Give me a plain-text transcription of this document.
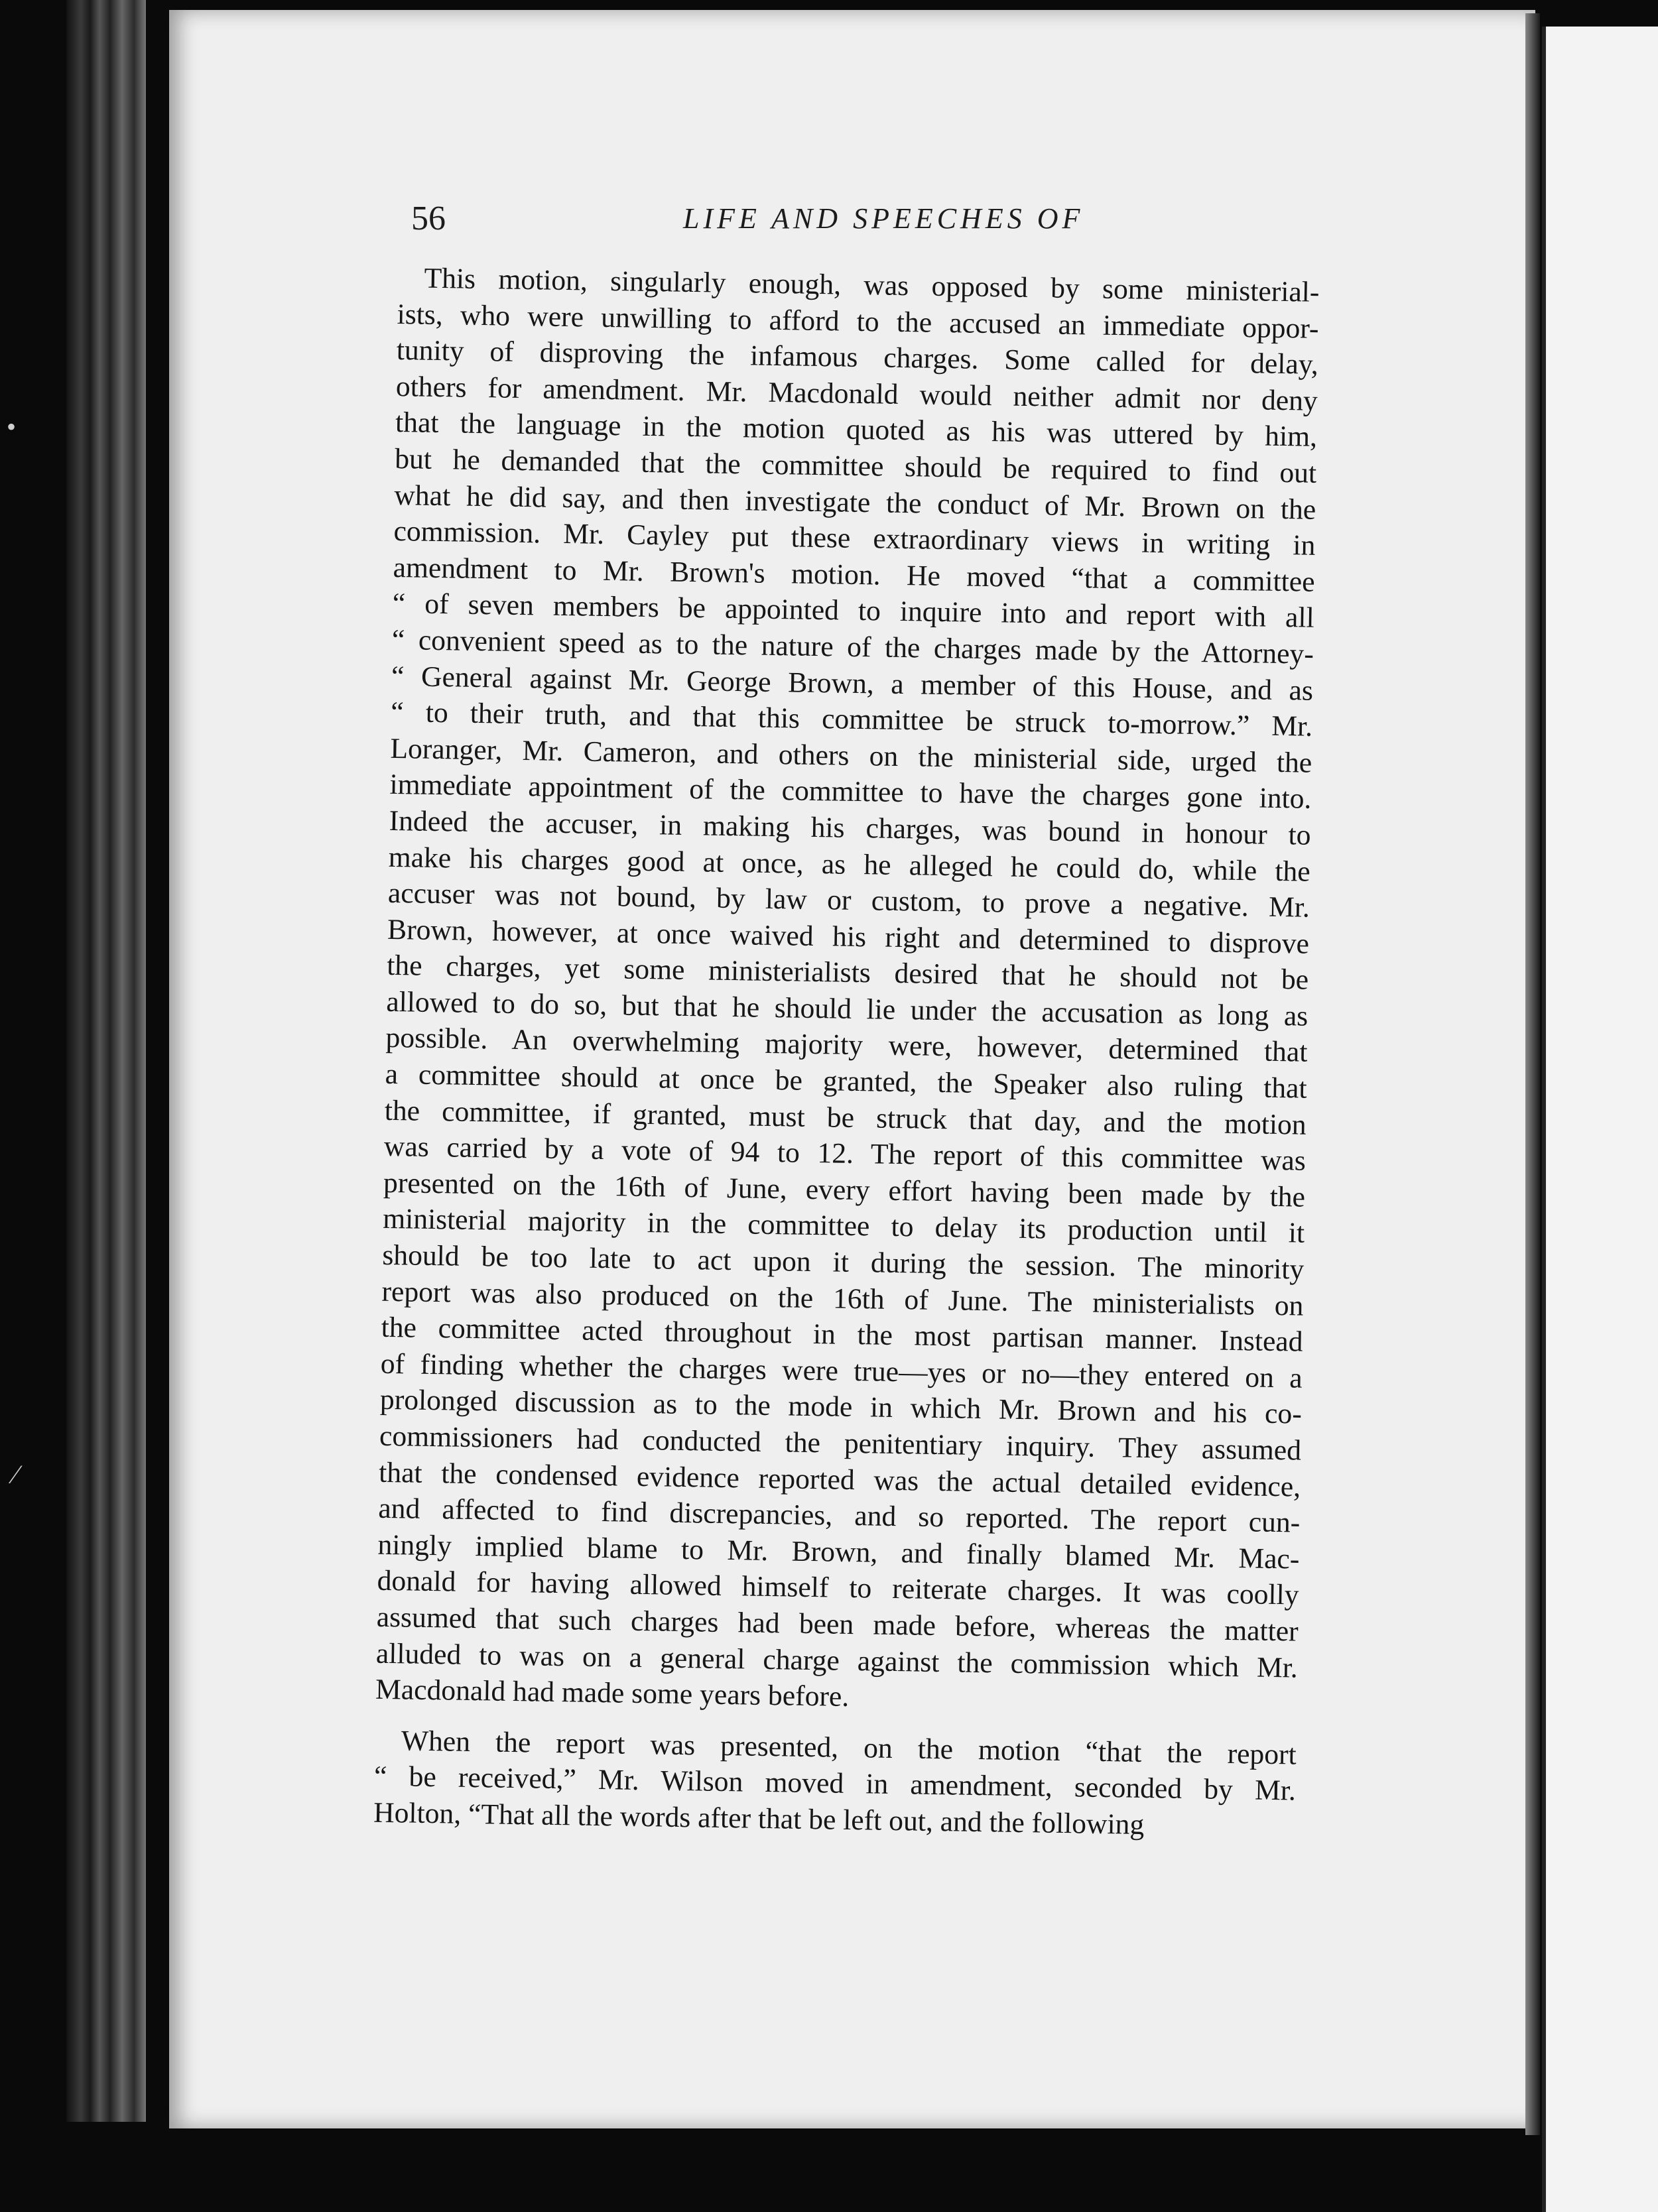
56	LIFE AND SPEECHES OF
This motion, singularly enough, was opposed by some ministerial-
ists, who were unwilling to afford to the accused an immediate oppor-
tunity of disproving the infamous charges. Some called for delay,
others for amendment. Mr. Macdonald would neither admit nor deny
that the language in the motion quoted as his was uttered by him,
but he demanded that the committee should be required to find out
what he did say, and then investigate the conduct of Mr. Brown on the
commission. Mr. Cayley put these extraordinary views in writing in
amendment to Mr. Brown's motion. He moved “that a committee
“ of seven members be appointed to inquire into and report with all
“ convenient speed as to the nature of the charges made by the Attorney-
“ General against Mr. George Brown, a member of this House, and as
“ to their truth, and that this committee be struck to-morrow.” Mr.
Loranger, Mr. Cameron, and others on the ministerial side, urged the
immediate appointment of the committee to have the charges gone into.
Indeed the accuser, in making his charges, was bound in honour to
make his charges good at once, as he alleged he could do, while the
accuser was not bound, by law or custom, to prove a negative. Mr.
Brown, however, at once waived his right and determined to disprove
the charges, yet some ministerialists desired that he should not be
allowed to do so, but that he should lie under the accusation as long as
possible. An overwhelming majority were, however, determined that
a committee should at once be granted, the Speaker also ruling that
the committee, if granted, must be struck that day, and the motion
was carried by a vote of 94 to 12. The report of this committee was
presented on the 16th of June, every effort having been made by the
ministerial majority in the committee to delay its production until it
should be too late to act upon it during the session. The minority
report was also produced on the 16th of June. The ministerialists on
the committee acted throughout in the most partisan manner. Instead
of finding whether the charges were true—yes or no—they entered on a
prolonged discussion as to the mode in which Mr. Brown and his co-
commissioners had conducted the penitentiary inquiry. They assumed
that the condensed evidence reported was the actual detailed evidence,
and affected to find discrepancies, and so reported. The report cun-
ningly implied blame to Mr. Brown, and finally blamed Mr. Mac-
donald for having allowed himself to reiterate charges. It was coolly
assumed that such charges had been made before, whereas the matter
alluded to was on a general charge against the commission which Mr.
Macdonald had made some years before.
When the report was presented, on the motion “that the report
“ be received,” Mr. Wilson moved in amendment, seconded by Mr.
Holton, “That all the words after that be left out, and the following
•
⁄
